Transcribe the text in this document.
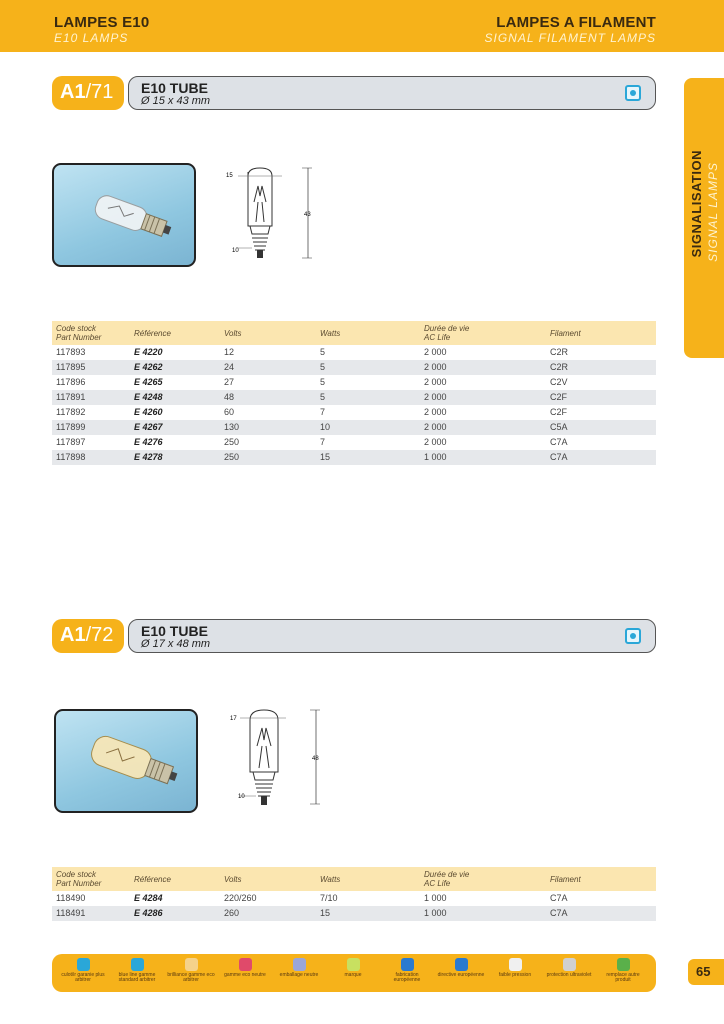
LAMPES E10
E10 LAMPS
LAMPES A FILAMENT
SIGNAL FILAMENT LAMPS
SIGNALISATION SIGNAL LAMPS
A1/71	E10 TUBE
Ø 15 x 43 mm
15
43
10
Code stock
Part Number	Référence	Volts	Watts	Durée de vie
AC Life	Filament
117893	E 4220	12	5	2 000	C2R
117895	E 4262	24	5	2 000	C2R
117896	E 4265	27	5	2 000	C2V
117891	E 4248	48	5	2 000	C2F
117892	E 4260	60	7	2 000	C2F
117899	E 4267	130	10	2 000	C5A
117897	E 4276	250	7	2 000	C7A
117898	E 4278	250	15	1 000	C7A
A1/72	E10 TUBE
Ø 17 x 48 mm
17
48
10
Code stock
Part Number	Référence	Volts	Watts	Durée de vie
AC Life	Filament
118490	E 4284	220/260	7/10	1 000	C7A
118491	E 4286	260	15	1 000	C7A
culot/ir garanie plus arbitrer
blue line gamme standard arbitrer
brilliance gamme eco arbitrer
gamme eco neutre	emballage neutre	marque	fabrication européenne
directive européenne	faible pression	protection ultraviolet	remplace autre produit
65
